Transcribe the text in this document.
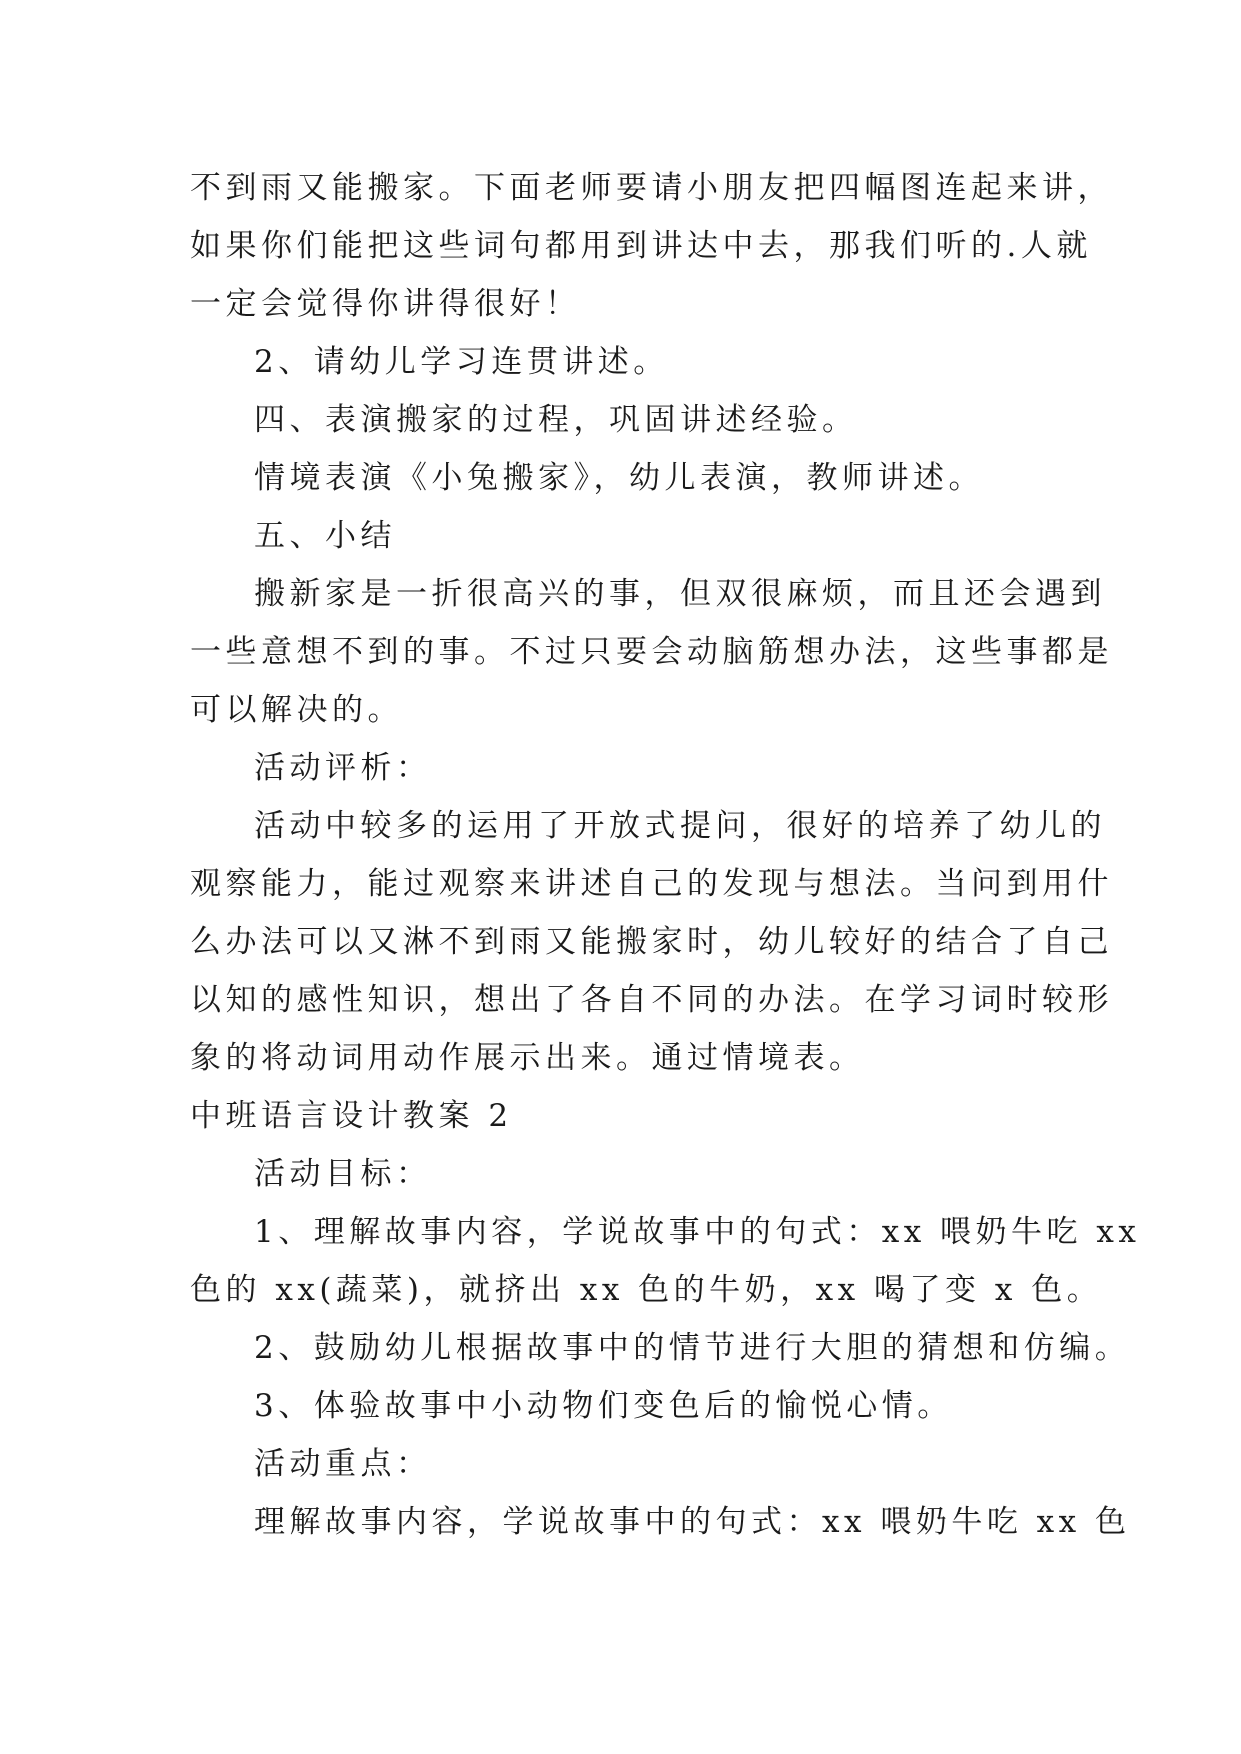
不到雨又能搬家。下面老师要请小朋友把四幅图连起来讲，
如果你们能把这些词句都用到讲达中去，那我们听的.人就
一定会觉得你讲得很好！
2、请幼儿学习连贯讲述。
四、表演搬家的过程，巩固讲述经验。
情境表演《小兔搬家》，幼儿表演，教师讲述。
五、小结
搬新家是一折很高兴的事，但双很麻烦，而且还会遇到
一些意想不到的事。不过只要会动脑筋想办法，这些事都是
可以解决的。
活动评析：
活动中较多的运用了开放式提问，很好的培养了幼儿的
观察能力，能过观察来讲述自己的发现与想法。当问到用什
么办法可以又淋不到雨又能搬家时，幼儿较好的结合了自己
以知的感性知识，想出了各自不同的办法。在学习词时较形
象的将动词用动作展示出来。通过情境表。
中班语言设计教案 2
活动目标：
1、理解故事内容，学说故事中的句式：xx 喂奶牛吃 xx
色的 xx(蔬菜)，就挤出 xx 色的牛奶，xx 喝了变 x 色。
2、鼓励幼儿根据故事中的情节进行大胆的猜想和仿编。
3、体验故事中小动物们变色后的愉悦心情。
活动重点：
理解故事内容，学说故事中的句式：xx 喂奶牛吃 xx 色
